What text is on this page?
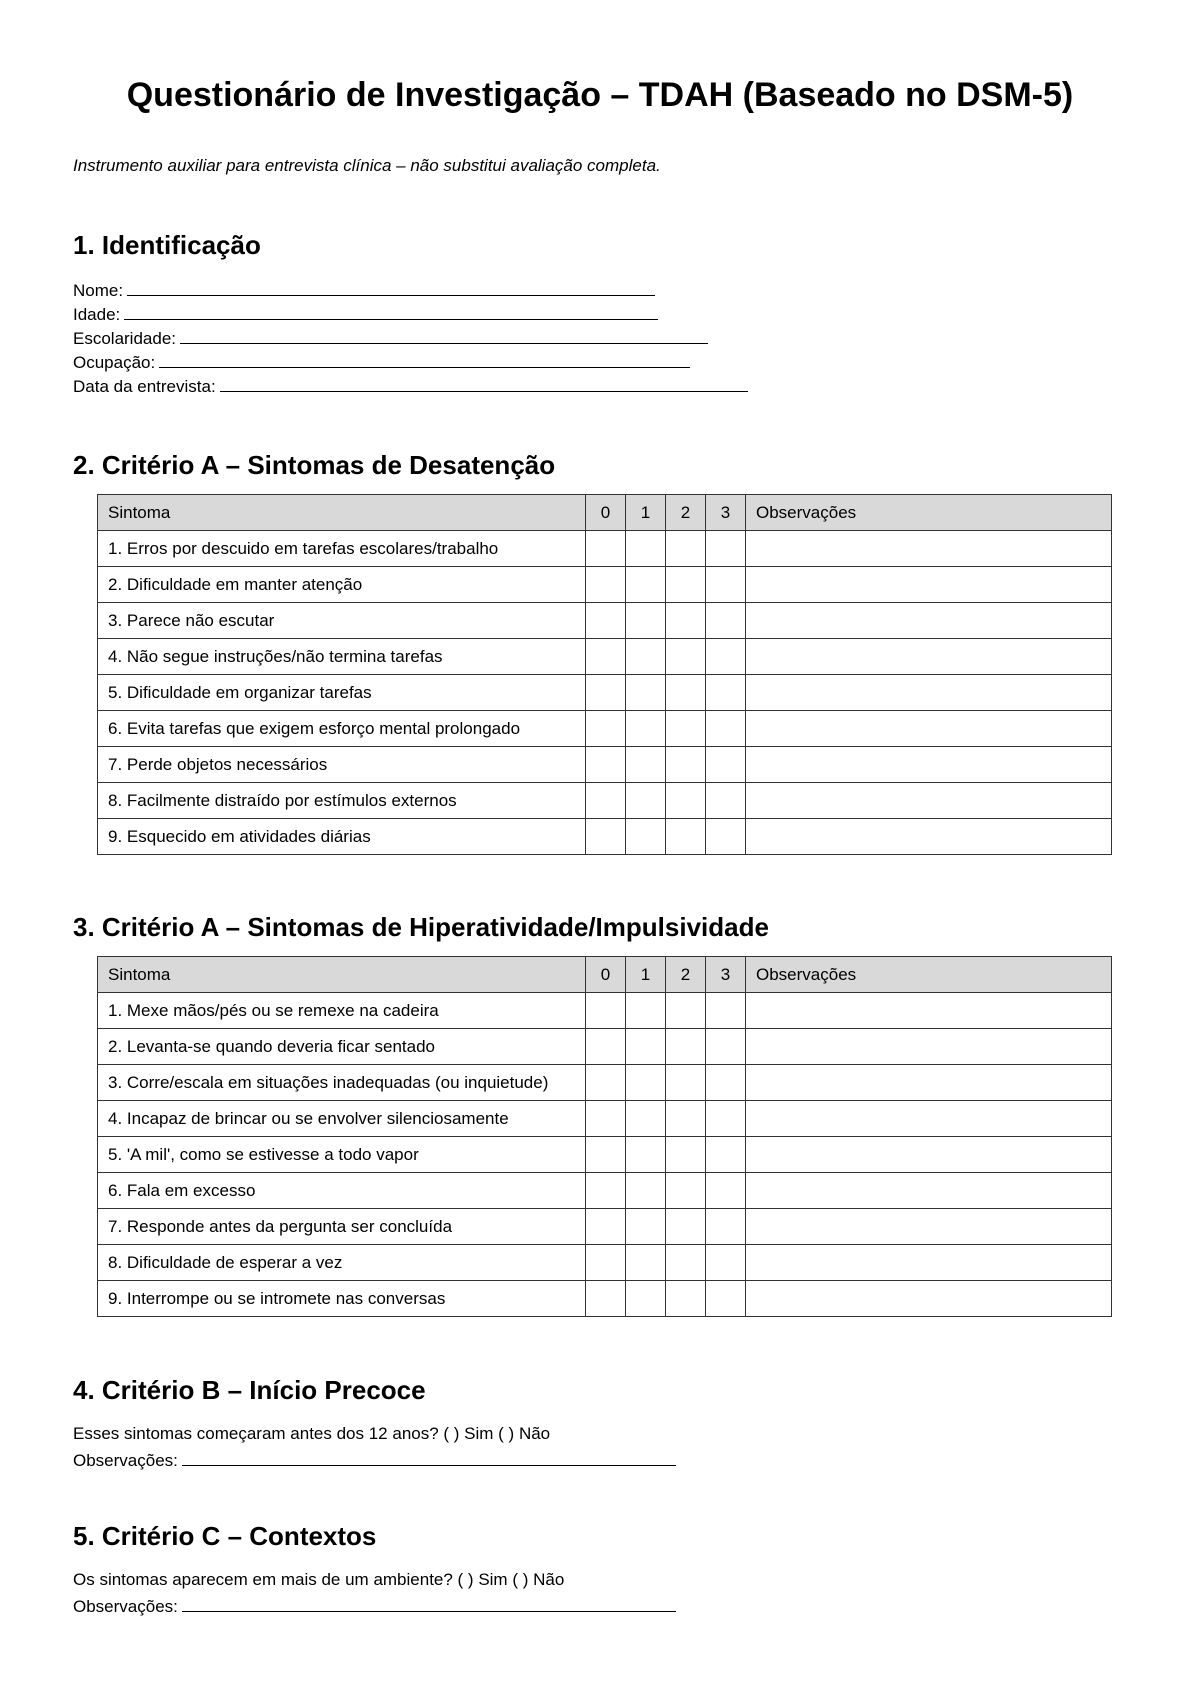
Questionário de Investigação – TDAH (Baseado no DSM-5)

Instrumento auxiliar para entrevista clínica – não substitui avaliação completa.

1. Identificação

Nome:

Idade:

Escolaridade:

Ocupação:

Data da entrevista:

2. Critério A – Sintomas de Desatenção
Sintoma	0	1	2	3	Observações
1. Erros por descuido em tarefas escolares/trabalho					
2. Dificuldade em manter atenção					
3. Parece não escutar					
4. Não segue instruções/não termina tarefas					
5. Dificuldade em organizar tarefas					
6. Evita tarefas que exigem esforço mental prolongado					
7. Perde objetos necessários					
8. Facilmente distraído por estímulos externos					
9. Esquecido em atividades diárias					
3. Critério A – Sintomas de Hiperatividade/Impulsividade
Sintoma	0	1	2	3	Observações
1. Mexe mãos/pés ou se remexe na cadeira					
2. Levanta-se quando deveria ficar sentado					
3. Corre/escala em situações inadequadas (ou inquietude)					
4. Incapaz de brincar ou se envolver silenciosamente					
5. 'A mil', como se estivesse a todo vapor					
6. Fala em excesso					
7. Responde antes da pergunta ser concluída					
8. Dificuldade de esperar a vez					
9. Interrompe ou se intromete nas conversas					
4. Critério B – Início Precoce

Esses sintomas começaram antes dos 12 anos? ( ) Sim ( ) Não

Observações:

5. Critério C – Contextos

Os sintomas aparecem em mais de um ambiente? ( ) Sim ( ) Não

Observações:
